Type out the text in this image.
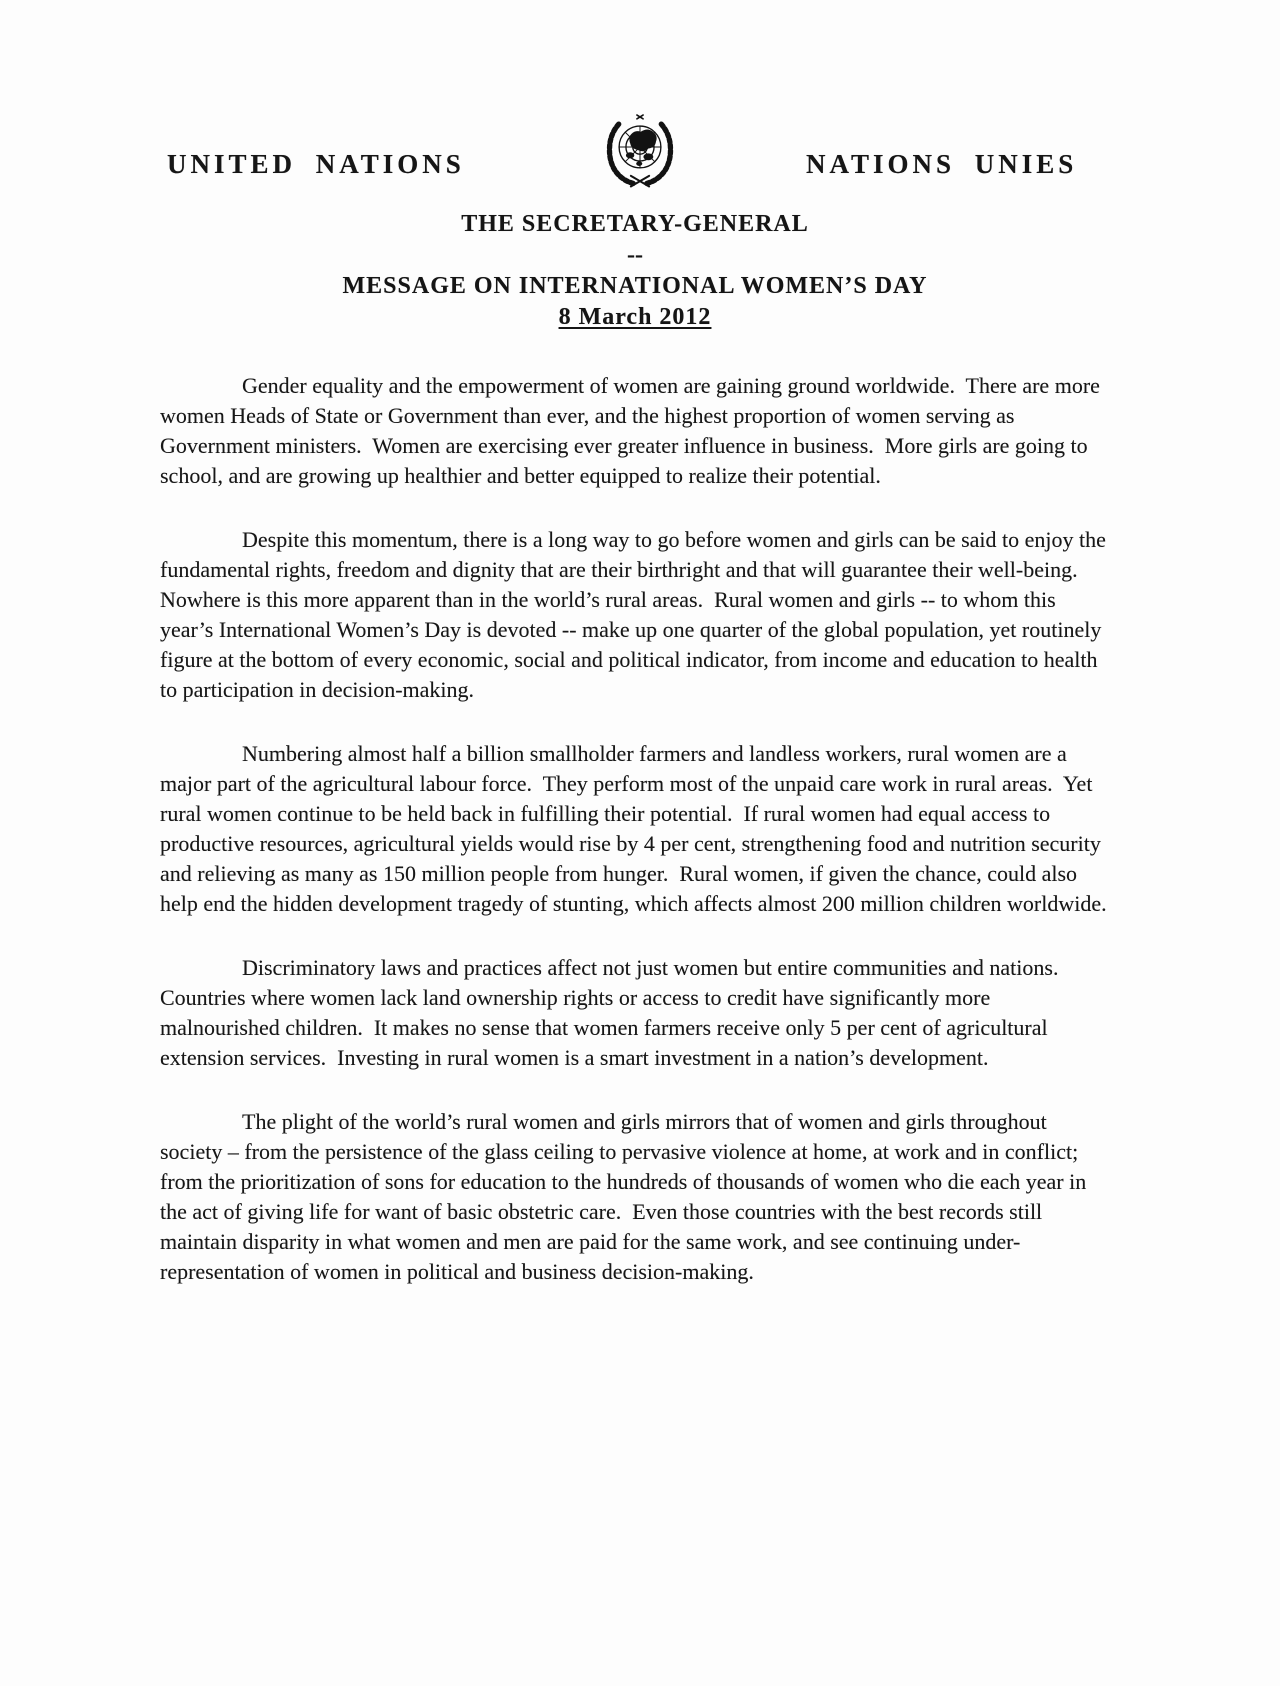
UNITED NATIONS	NATIONS UNIES
THE SECRETARY-GENERAL
--
MESSAGE ON INTERNATIONAL WOMEN’S DAY
8 March 2012

Gender equality and the empowerment of women are gaining ground worldwide.  There are more women Heads of State or Government than ever, and the highest proportion of women serving as Government ministers.  Women are exercising ever greater influence in business.  More girls are going to school, and are growing up healthier and better equipped to realize their potential.

Despite this momentum, there is a long way to go before women and girls can be said to enjoy the fundamental rights, freedom and dignity that are their birthright and that will guarantee their well-being.  Nowhere is this more apparent than in the world’s rural areas.  Rural women and girls -- to whom this year’s International Women’s Day is devoted -- make up one quarter of the global population, yet routinely figure at the bottom of every economic, social and political indicator, from income and education to health to participation in decision-making.

Numbering almost half a billion smallholder farmers and landless workers, rural women are a major part of the agricultural labour force.  They perform most of the unpaid care work in rural areas.  Yet rural women continue to be held back in fulfilling their potential.  If rural women had equal access to productive resources, agricultural yields would rise by 4 per cent, strengthening food and nutrition security and relieving as many as 150 million people from hunger.  Rural women, if given the chance, could also help end the hidden development tragedy of stunting, which affects almost 200 million children worldwide.

Discriminatory laws and practices affect not just women but entire communities and nations.  Countries where women lack land ownership rights or access to credit have significantly more malnourished children.  It makes no sense that women farmers receive only 5 per cent of agricultural extension services.  Investing in rural women is a smart investment in a nation’s development.

The plight of the world’s rural women and girls mirrors that of women and girls throughout society – from the persistence of the glass ceiling to pervasive violence at home, at work and in conflict; from the prioritization of sons for education to the hundreds of thousands of women who die each year in the act of giving life for want of basic obstetric care.  Even those countries with the best records still maintain disparity in what women and men are paid for the same work, and see continuing under-representation of women in political and business decision-making.
